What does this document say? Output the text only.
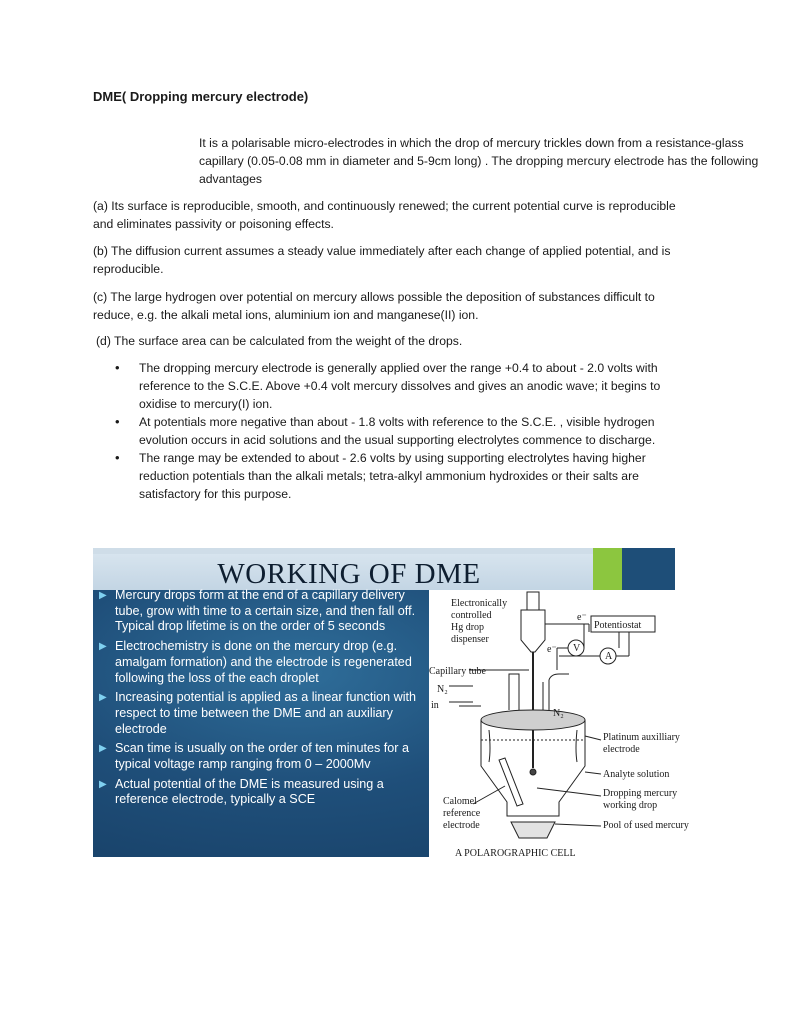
DME( Dropping mercury electrode)

It is a polarisable micro-electrodes in which the drop of mercury trickles down from a resistance-glass capillary (0.05-0.08 mm in diameter and 5-9cm long) . The dropping mercury electrode has the following advantages

(a) Its surface is reproducible, smooth, and continuously renewed; the current potential curve is reproducible and eliminates passivity or poisoning effects.

(b) The diffusion current assumes a steady value immediately after each change of applied potential, and is reproducible.

(c) The large hydrogen over potential on mercury allows possible the deposition of substances difficult to reduce, e.g. the alkali metal ions, aluminium ion and manganese(II) ion.

(d) The surface area can be calculated from the weight of the drops.

• The dropping mercury electrode is generally applied over the range +0.4 to about - 2.0 volts with reference to the S.C.E. Above +0.4 volt mercury dissolves and gives an anodic wave; it begins to oxidise to mercury(I) ion.
• At potentials more negative than about - 1.8 volts with reference to the S.C.E. , visible hydrogen evolution occurs in acid solutions and the usual supporting electrolytes commence to discharge.
• The range may be extended to about - 2.6 volts by using supporting electrolytes having higher reduction potentials than the alkali metals; tetra-alkyl ammonium hydroxides or their salts are satisfactory for this purpose.
WORKING OF DME
▶ Mercury drops form at the end of a capillary delivery tube, grow with time to a certain size, and then fall off. Typical drop lifetime is on the order of 5 seconds
▶ Electrochemistry is done on the mercury drop (e.g. amalgam formation) and the electrode is regenerated following the loss of the each droplet
▶ Increasing potential is applied as a linear function with respect to time between the DME and an auxiliary electrode
▶ Scan time is usually on the order of ten minutes for a typical voltage ramp ranging from 0 – 2000Mv
▶ Actual potential of the DME is measured using a reference electrode, typically a SCE
Electronically
controlled
Hg drop
dispenser
Potentiostat
e⁻
e⁻ V
A
Capillary tube
N₂
in
N₂
Platinum auxilliary
electrode
Analyte solution
Dropping mercury
working drop
Calomel
reference
electrode	Pool of used mercury
A POLAROGRAPHIC CELL
